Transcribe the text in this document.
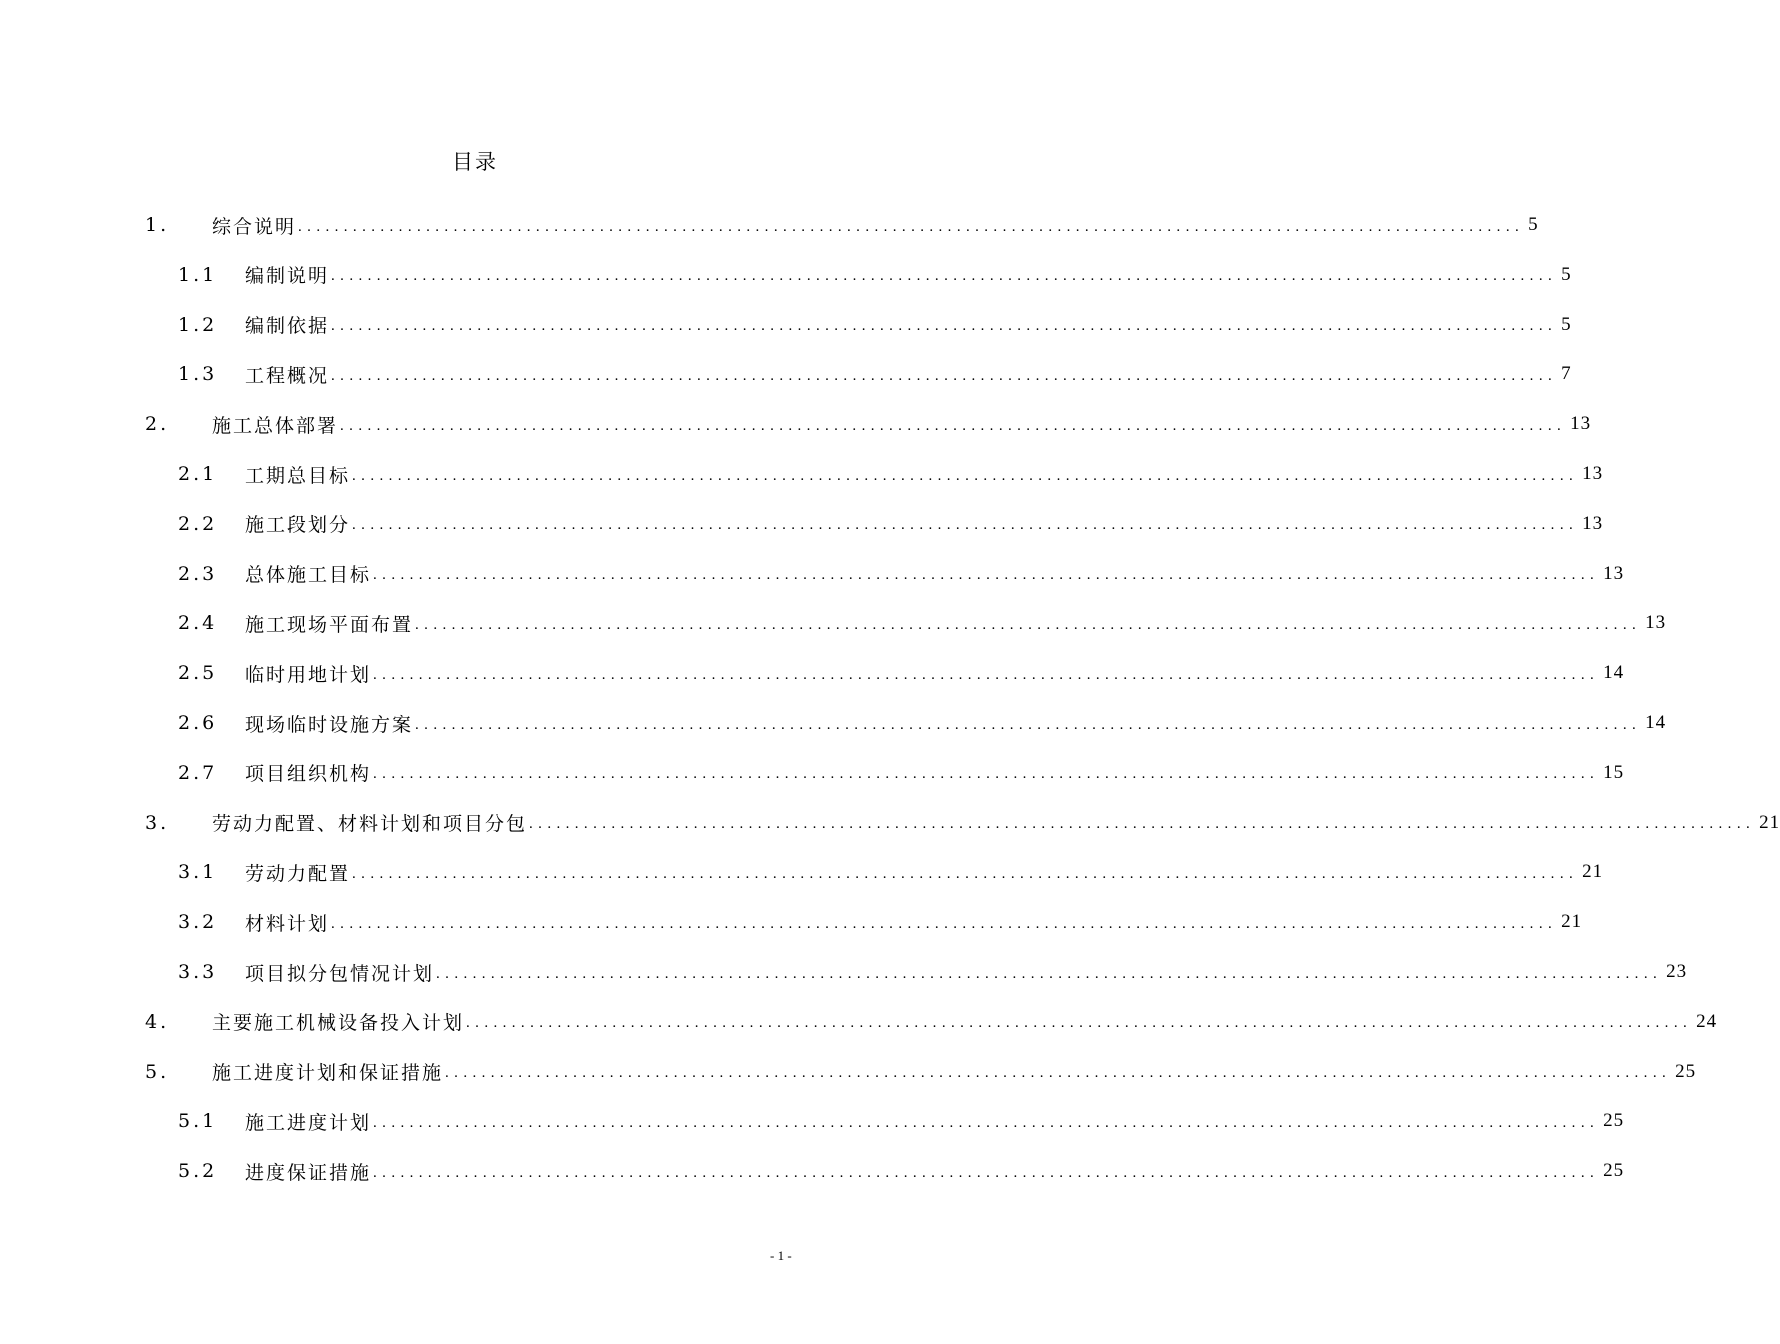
目录
1.	综合说明 ...................................................................................................................................... 5
1.1	编制说明 ...................................................................................................................................... 5
1.2	编制依据 ...................................................................................................................................... 5
1.3	工程概况 ...................................................................................................................................... 7
2.	施工总体部署 ...................................................................................................................................... 13
2.1	工期总目标 ...................................................................................................................................... 13
2.2	施工段划分 ...................................................................................................................................... 13
2.3	总体施工目标 ...................................................................................................................................... 13
2.4	施工现场平面布置 ...................................................................................................................................... 13
2.5	临时用地计划 ...................................................................................................................................... 14
2.6	现场临时设施方案 ...................................................................................................................................... 14
2.7	项目组织机构 ...................................................................................................................................... 15
3.	劳动力配置、材料计划和项目分包 ...................................................................................................................................... 21
3.1	劳动力配置 ...................................................................................................................................... 21
3.2	材料计划 ...................................................................................................................................... 21
3.3	项目拟分包情况计划 ...................................................................................................................................... 23
4.	主要施工机械设备投入计划 ...................................................................................................................................... 24
5.	施工进度计划和保证措施 ...................................................................................................................................... 25
5.1	施工进度计划 ...................................................................................................................................... 25
5.2	进度保证措施 ...................................................................................................................................... 25
- 1 -
